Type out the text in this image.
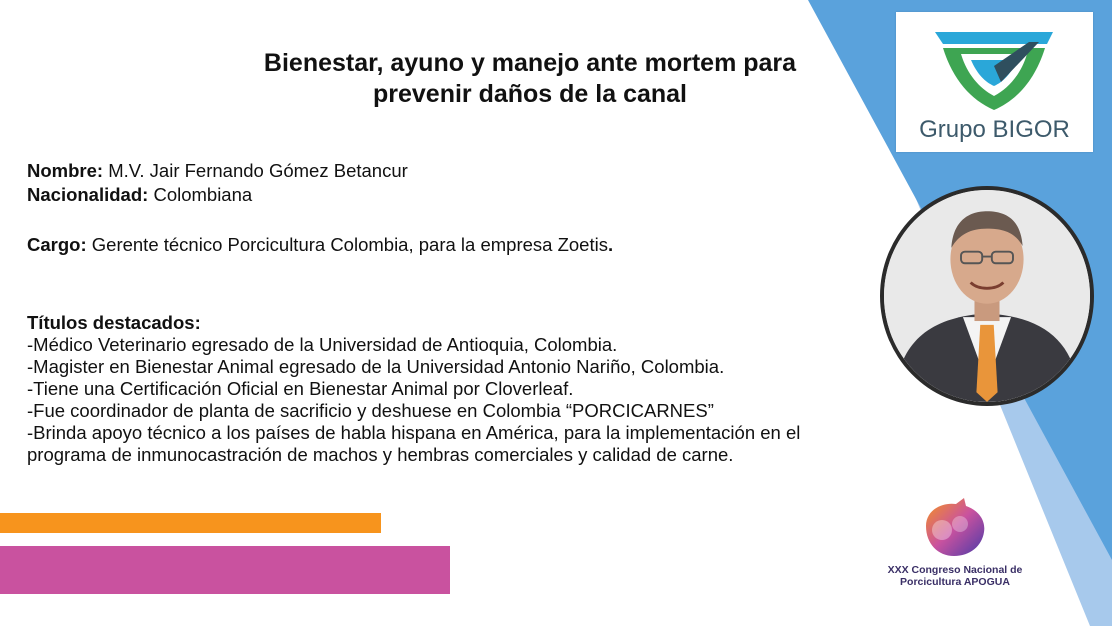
Bienestar, ayuno y manejo ante mortem para
prevenir daños de la canal
Nombre: M.V. Jair Fernando Gómez Betancur
Nacionalidad: Colombiana
Cargo: Gerente técnico Porcicultura Colombia, para la empresa Zoetis.
Títulos destacados:
-Médico Veterinario egresado de la Universidad de Antioquia, Colombia.
-Magister en Bienestar Animal egresado de la Universidad Antonio Nariño, Colombia.
-Tiene una Certificación Oficial en Bienestar Animal por Cloverleaf.
-Fue coordinador de planta de sacrificio y deshuese en Colombia “PORCICARNES”
-Brinda apoyo técnico a los países de habla hispana en América, para la implementación en el
programa de inmunocastración de machos y hembras comerciales y calidad de carne.
Grupo BIGOR
XXX Congreso Nacional de
Porcicultura APOGUA
